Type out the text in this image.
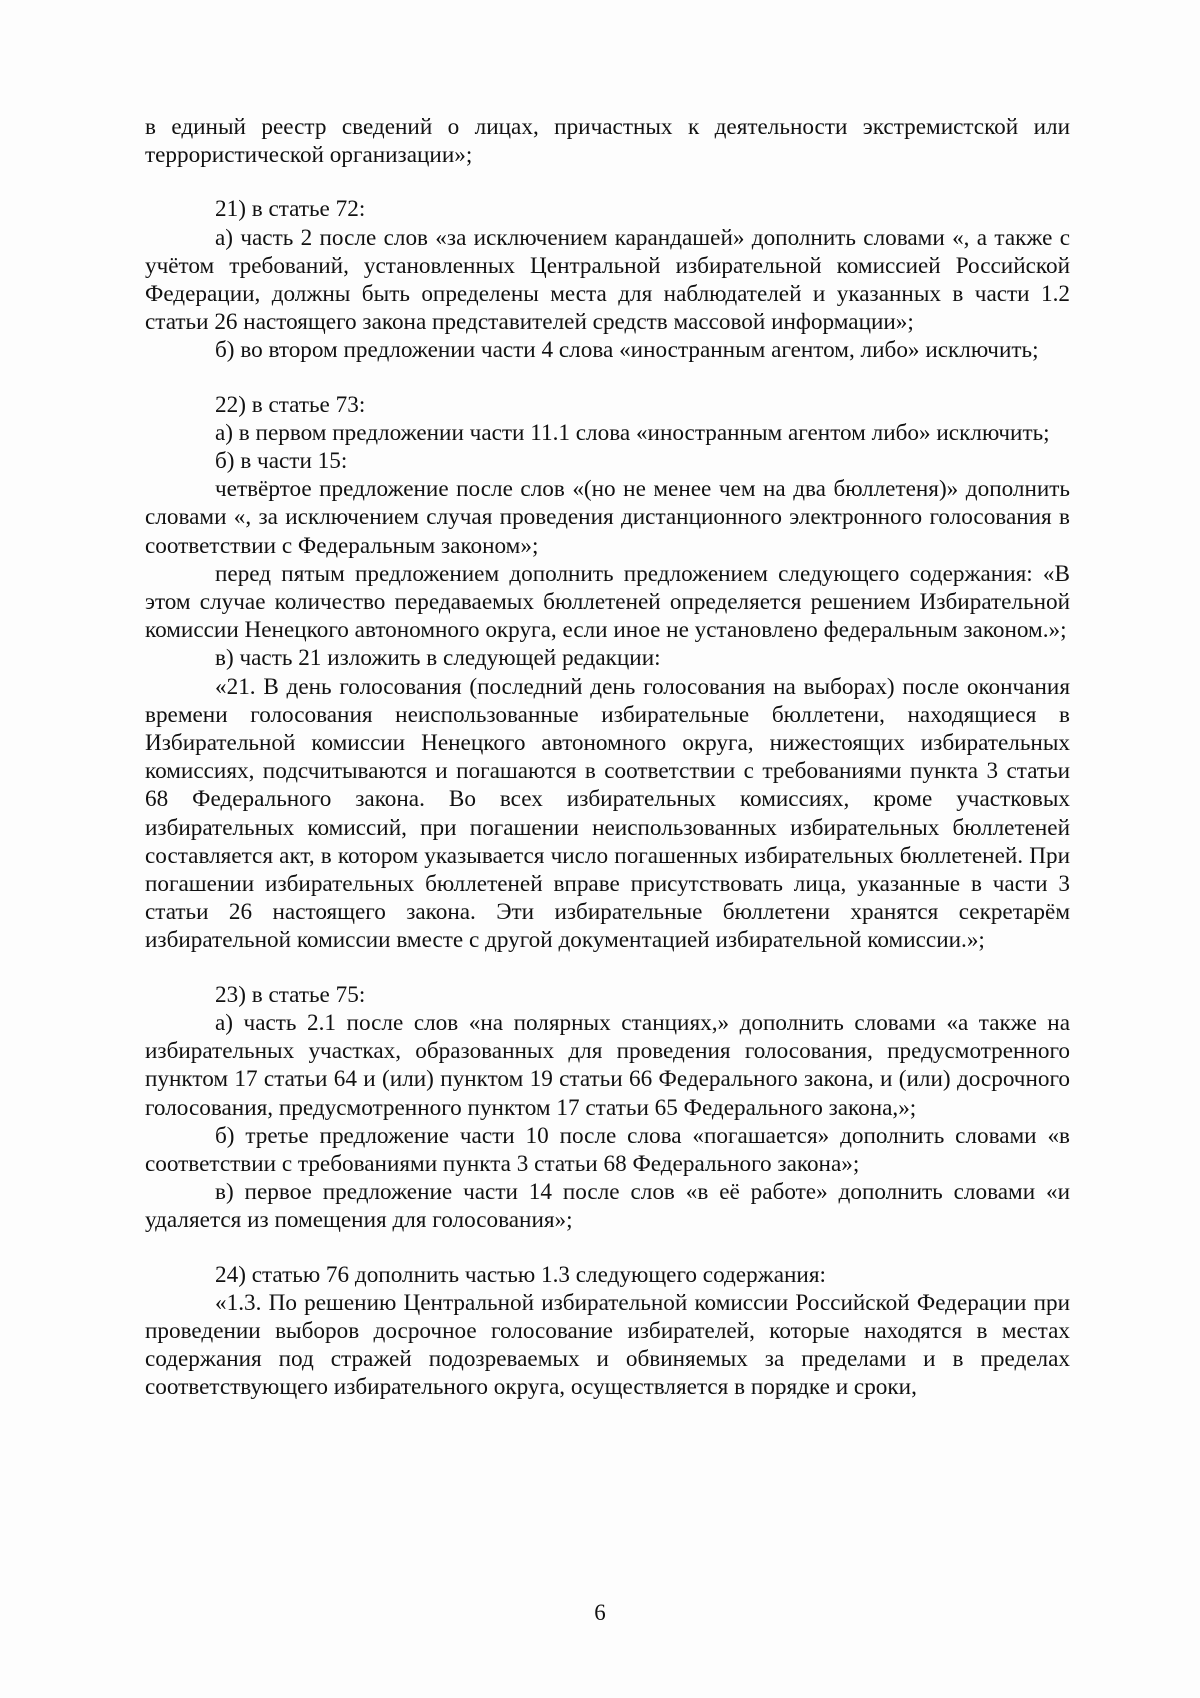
в единый реестр сведений о лицах, причастных к деятельности экстремистской или террористической организации»;

21) в статье 72:

а) часть 2 после слов «за исключением карандашей» дополнить словами «, а также с учётом требований, установленных Центральной избирательной комиссией Российской Федерации, должны быть определены места для наблюдателей и указанных в части 1.2 статьи 26 настоящего закона представителей средств массовой информации»;

б) во втором предложении части 4 слова «иностранным агентом, либо» исключить;

22) в статье 73:

а) в первом предложении части 11.1 слова «иностранным агентом либо» исключить;

б) в части 15:

четвёртое предложение после слов «(но не менее чем на два бюллетеня)» дополнить словами «, за исключением случая проведения дистанционного электронного голосования в соответствии с Федеральным законом»;

перед пятым предложением дополнить предложением следующего содержания: «В этом случае количество передаваемых бюллетеней определяется решением Избирательной комиссии Ненецкого автономного округа, если иное не установлено федеральным законом.»;

в) часть 21 изложить в следующей редакции:

«21. В день голосования (последний день голосования на выборах) после окончания времени голосования неиспользованные избирательные бюллетени, находящиеся в Избирательной комиссии Ненецкого автономного округа, нижестоящих избирательных комиссиях, подсчитываются и погашаются в соответствии с требованиями пункта 3 статьи 68 Федерального закона. Во всех избирательных комиссиях, кроме участковых избирательных комиссий, при погашении неиспользованных избирательных бюллетеней составляется акт, в котором указывается число погашенных избирательных бюллетеней. При погашении избирательных бюллетеней вправе присутствовать лица, указанные в части 3 статьи 26 настоящего закона. Эти избирательные бюллетени хранятся секретарём избирательной комиссии вместе с другой документацией избирательной комиссии.»;

23) в статье 75:

а) часть 2.1 после слов «на полярных станциях,» дополнить словами «а также на избирательных участках, образованных для проведения голосования, предусмотренного пунктом 17 статьи 64 и (или) пунктом 19 статьи 66 Федерального закона, и (или) досрочного голосования, предусмотренного пунктом 17 статьи 65 Федерального закона,»;

б) третье предложение части 10 после слова «погашается» дополнить словами «в соответствии с требованиями пункта 3 статьи 68 Федерального закона»;

в) первое предложение части 14 после слов «в её работе» дополнить словами «и удаляется из помещения для голосования»;

24) статью 76 дополнить частью 1.3 следующего содержания:

«1.3. По решению Центральной избирательной комиссии Российской Федерации при проведении выборов досрочное голосование избирателей, которые находятся в местах содержания под стражей подозреваемых и обвиняемых за пределами и в пределах соответствующего избирательного округа, осуществляется в порядке и сроки,

6
